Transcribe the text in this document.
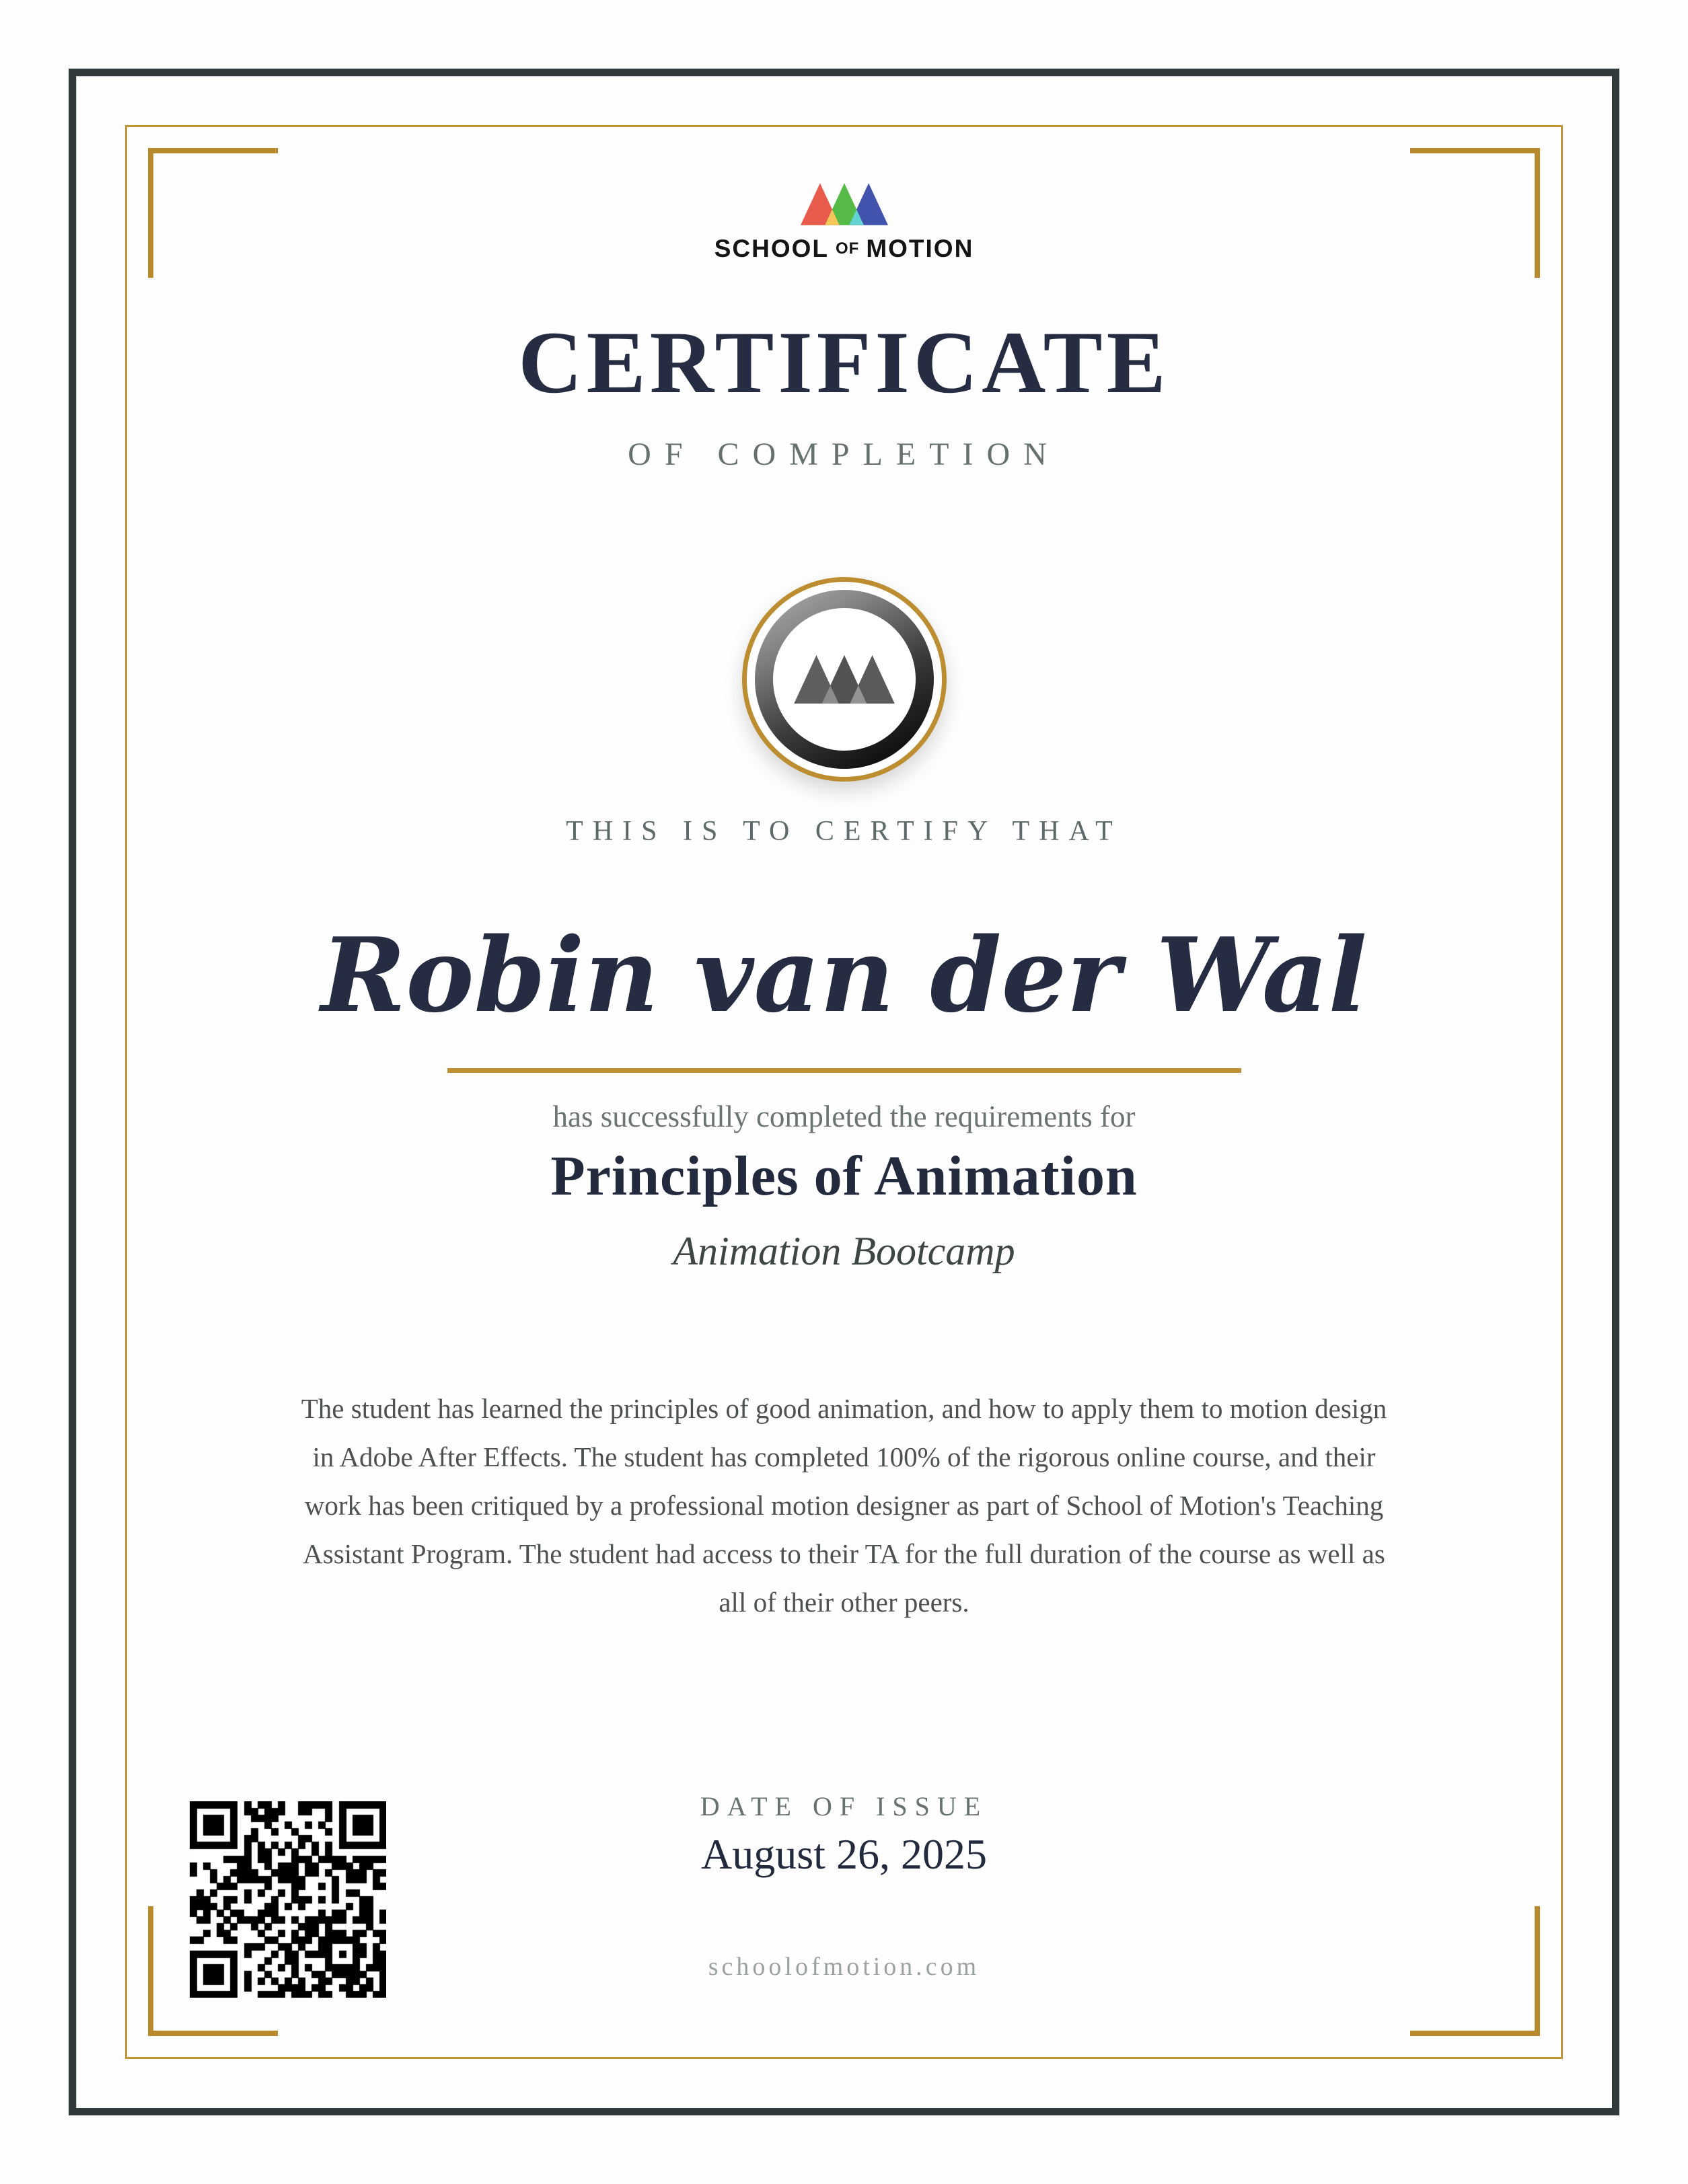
SCHOOL OF MOTION
CERTIFICATE
OF COMPLETION
THIS IS TO CERTIFY THAT
Robin van der Wal
has successfully completed the requirements for
Principles of Animation
Animation Bootcamp
The student has learned the principles of good animation, and how to apply them to motion design in Adobe After Effects. The student has completed 100% of the rigorous online course, and their work has been critiqued by a professional motion designer as part of School of Motion's Teaching Assistant Program. The student had access to their TA for the full duration of the course as well as all of their other peers.
DATE OF ISSUE
August 26, 2025
schoolofmotion.com
